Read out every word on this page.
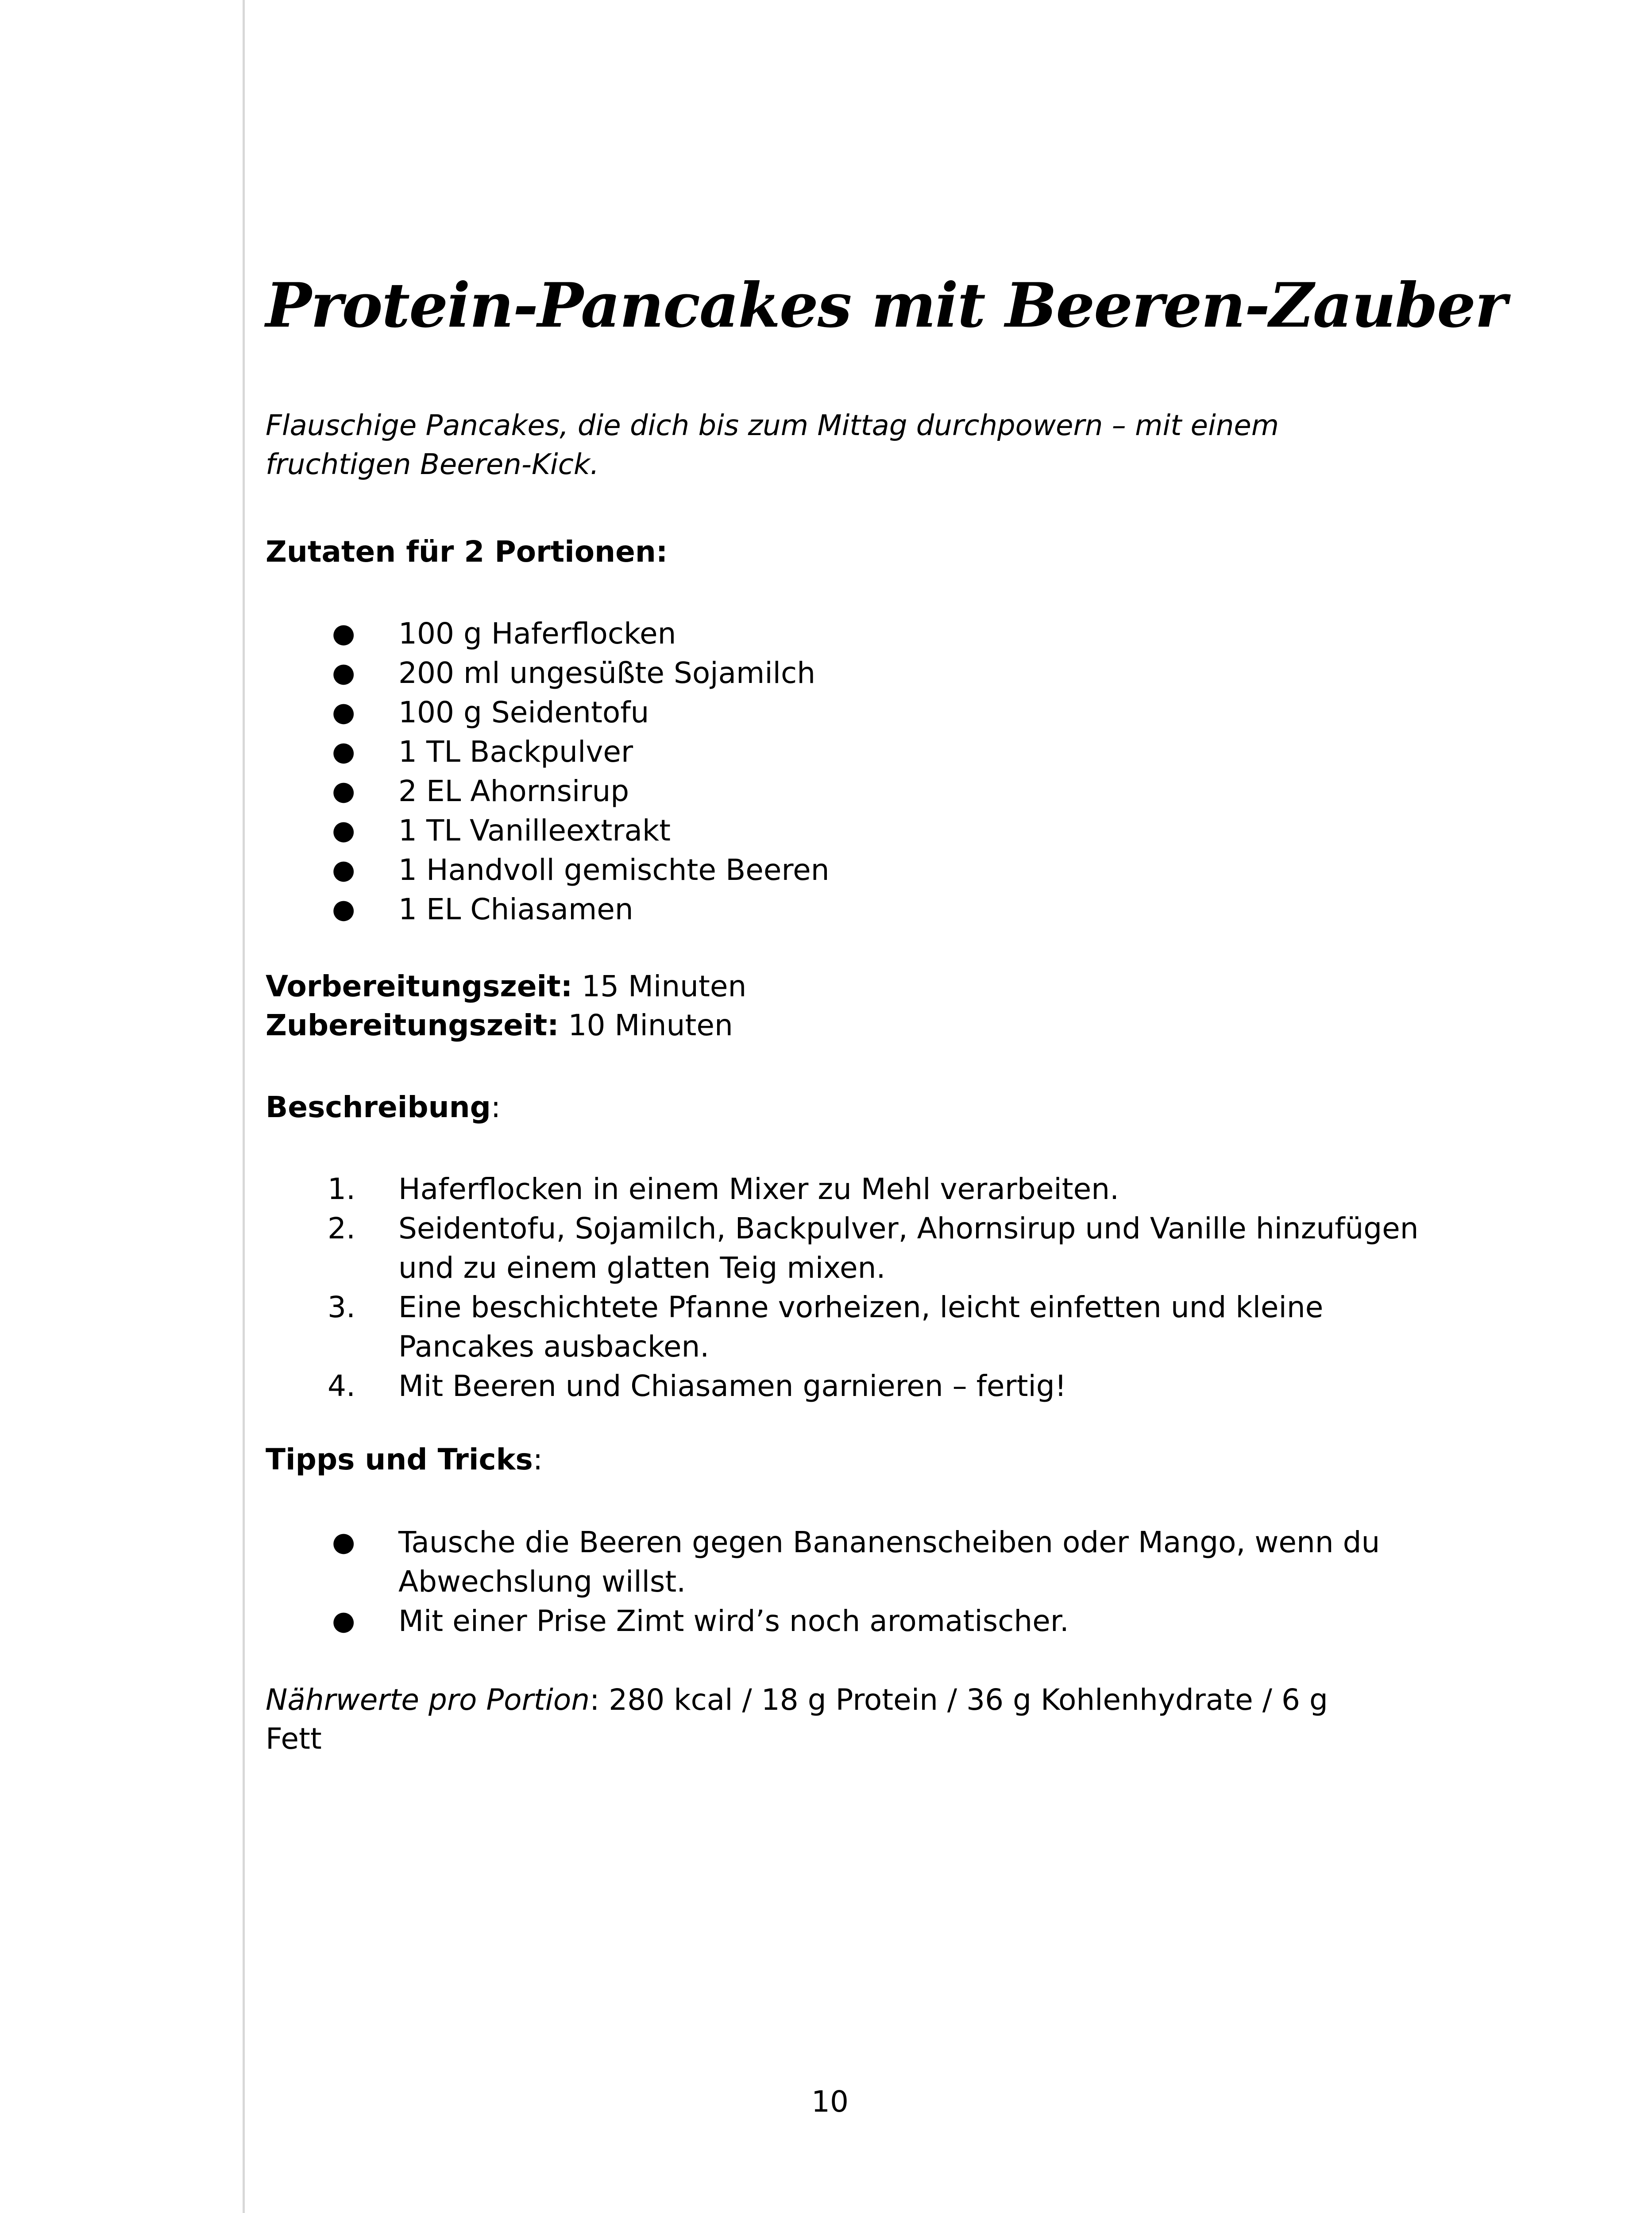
Protein-Pancakes mit Beeren-Zauber

Flauschige Pancakes, die dich bis zum Mittag durchpowern – mit einem fruchtigen Beeren-Kick.

Zutaten für 2 Portionen:

● 100 g Haferflocken
● 200 ml ungesüßte Sojamilch
● 100 g Seidentofu
● 1 TL Backpulver
● 2 EL Ahornsirup
● 1 TL Vanilleextrakt
● 1 Handvoll gemischte Beeren
● 1 EL Chiasamen
Vorbereitungszeit: 15 Minuten
Zubereitungszeit: 10 Minuten

Beschreibung:

1.	Haferflocken in einem Mixer zu Mehl verarbeiten.
2.	Seidentofu, Sojamilch, Backpulver, Ahornsirup und Vanille hinzufügen und zu einem glatten Teig mixen.
3.	Eine beschichtete Pfanne vorheizen, leicht einfetten und kleine Pancakes ausbacken.
4.	Mit Beeren und Chiasamen garnieren – fertig!

Tipps und Tricks:

● Tausche die Beeren gegen Bananenscheiben oder Mango, wenn du Abwechslung willst.
● Mit einer Prise Zimt wird’s noch aromatischer.

Nährwerte pro Portion: 280 kcal / 18 g Protein / 36 g Kohlenhydrate / 6 g Fett

10
